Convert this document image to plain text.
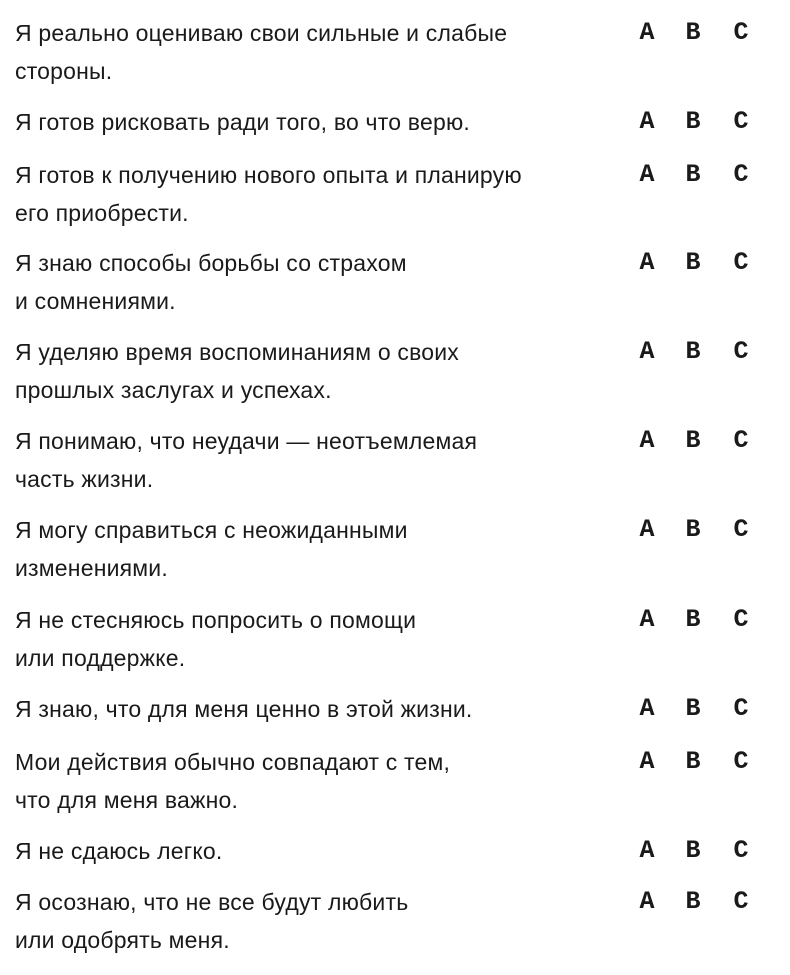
Я реально оцениваю свои сильные и слабые
стороны.
A	B	C
Я готов рисковать ради того, во что верю.	A	B	C
Я готов к получению нового опыта и планирую
его приобрести.
A	B	C
Я знаю способы борьбы со страхом
и сомнениями.
A	B	C
Я уделяю время воспоминаниям о своих
прошлых заслугах и успехах.
A	B	C
Я понимаю, что неудачи — неотъемлемая
часть жизни.
A	B	C
Я могу справиться с неожиданными
изменениями.
A	B	C
Я не стесняюсь попросить о помощи
или поддержке.
A	B	C
Я знаю, что для меня ценно в этой жизни.	A	B	C
Мои действия обычно совпадают с тем,
что для меня важно.
A	B	C
Я не сдаюсь легко.	A	B	C
Я осознаю, что не все будут любить
или одобрять меня.
A	B	C
